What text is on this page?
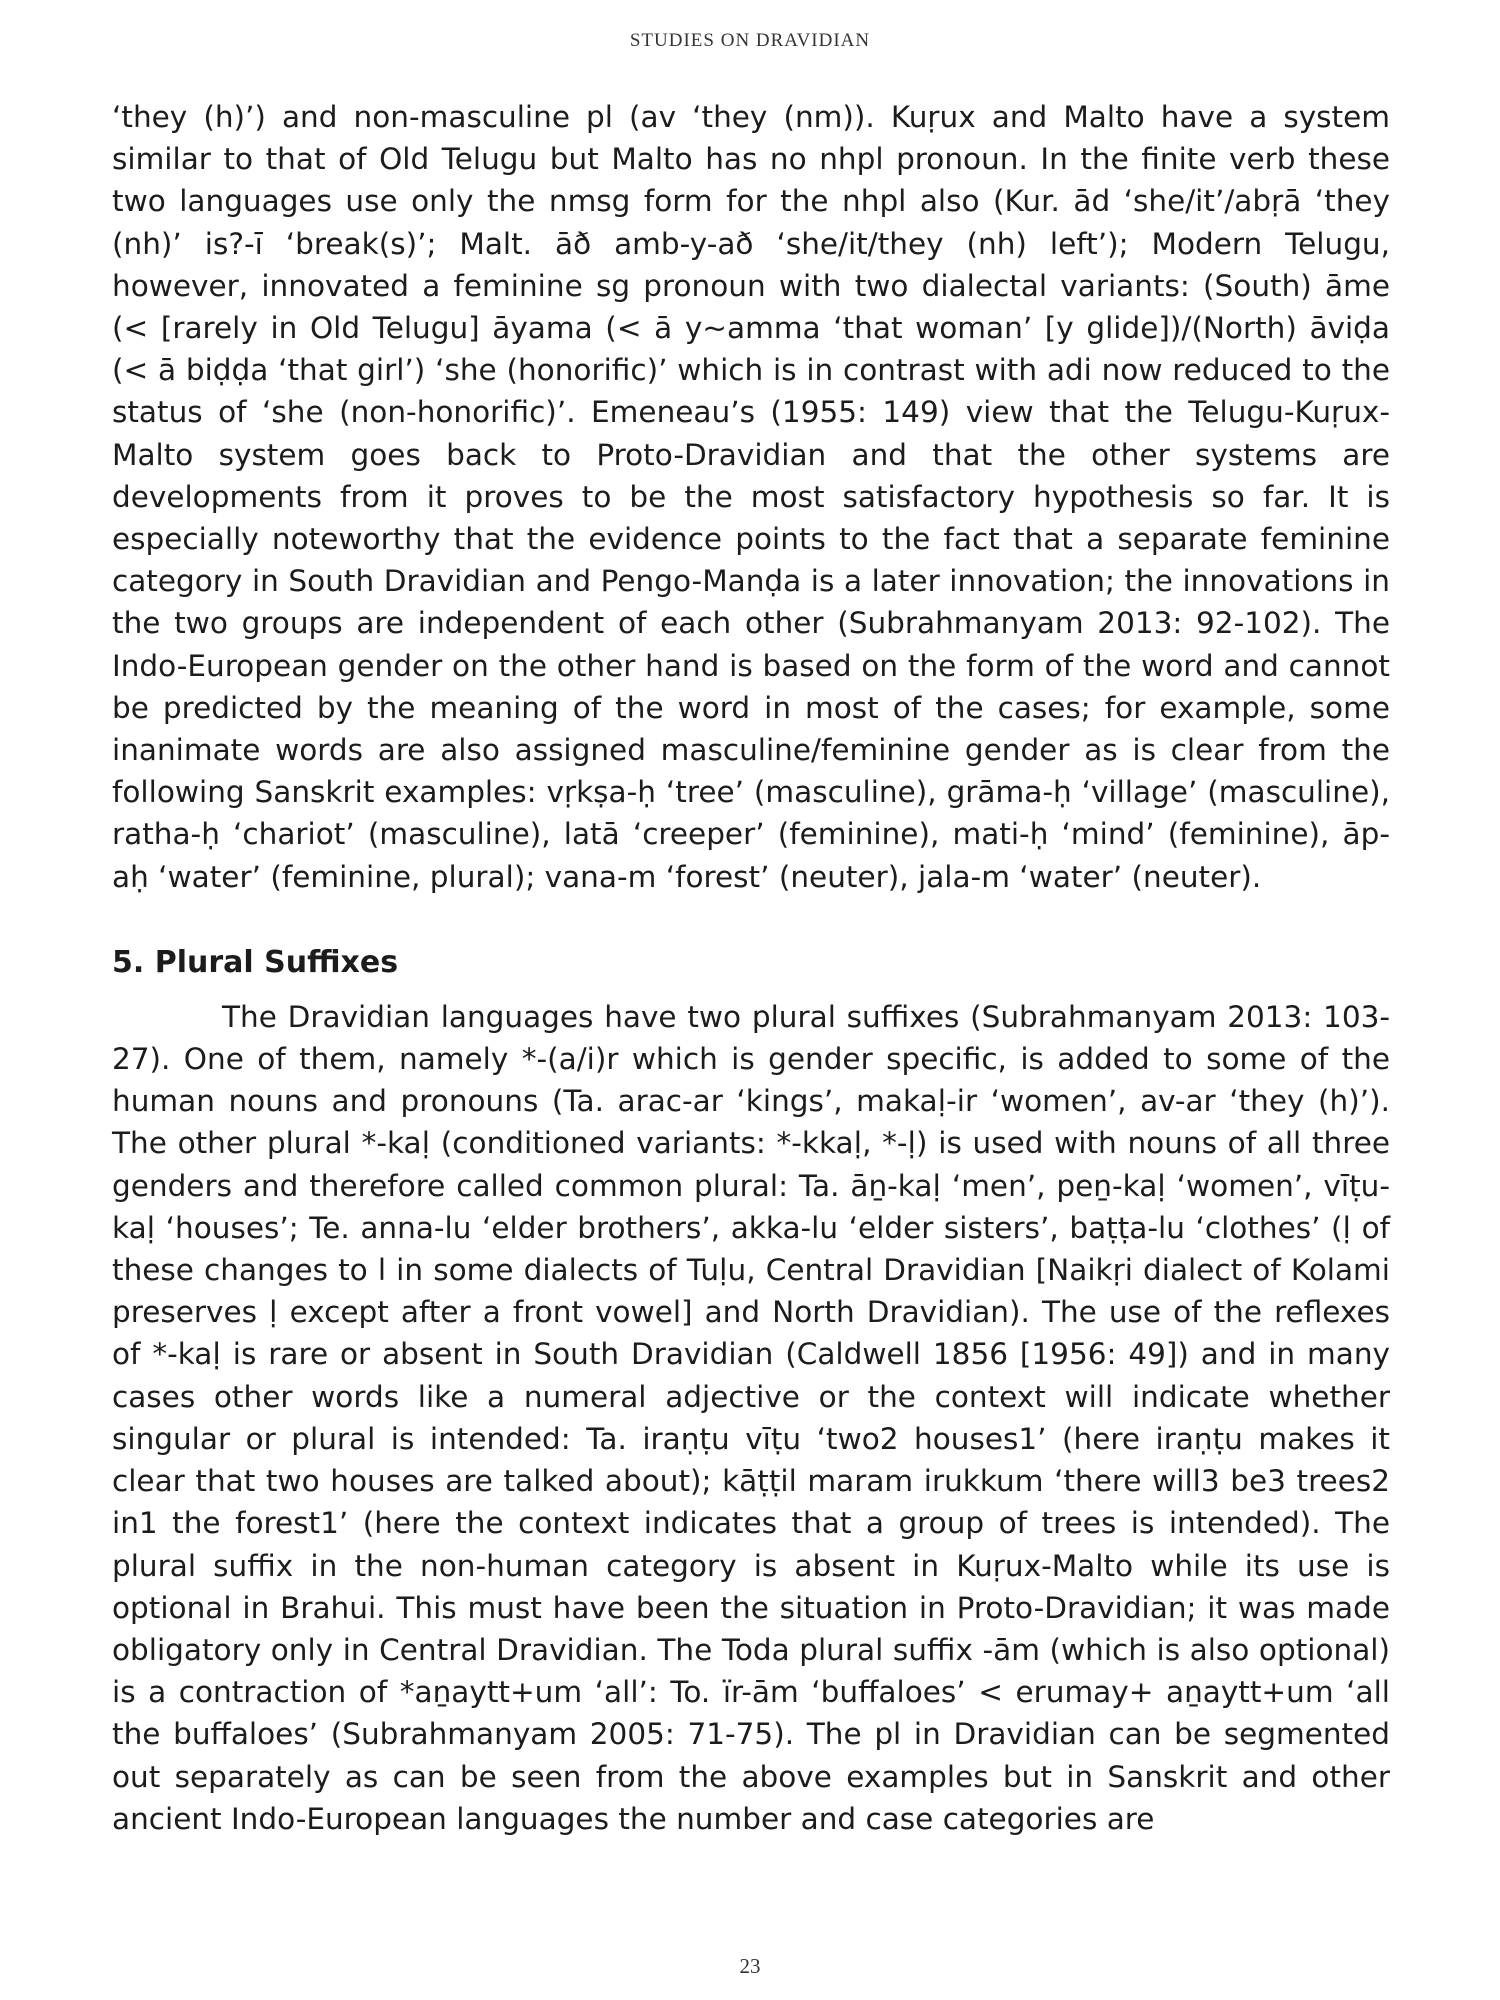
STUDIES ON DRAVIDIAN

‘they (h)’) and non-masculine pl (av ‘they (nm)). Kuṛux and Malto have a system similar to that of Old Telugu but Malto has no nhpl pronoun. In the finite verb these two languages use only the nmsg form for the nhpl also (Kur. ād ‘she/it’/abṛā ‘they (nh)’ is?-ī ‘break(s)’; Malt. āð amb-y-að ‘she/it/they (nh) left’); Modern Telugu, however, innovated a feminine sg pronoun with two dialectal variants: (South) āme (< [rarely in Old Telugu] āyama (< ā y~amma ‘that woman’ [y glide])/(North) āviḍa (< ā biḍḍa ‘that girl’) ‘she (honorific)’ which is in contrast with adi now reduced to the status of ‘she (non-honorific)’. Emeneau’s (1955: 149) view that the Telugu-Kuṛux-Malto system goes back to Proto-Dravidian and that the other systems are developments from it proves to be the most satisfactory hypothesis so far. It is especially noteworthy that the evidence points to the fact that a separate feminine category in South Dravidian and Pengo-Manḍa is a later innovation; the innovations in the two groups are independent of each other (Subrahmanyam 2013: 92-102). The Indo-European gender on the other hand is based on the form of the word and cannot be predicted by the meaning of the word in most of the cases; for example, some inanimate words are also assigned masculine/feminine gender as is clear from the following Sanskrit examples: vṛkṣa-ḥ ‘tree’ (masculine), grāma-ḥ ‘village’ (masculine), ratha-ḥ ‘chariot’ (masculine), latā ‘creeper’ (feminine), mati-ḥ ‘mind’ (feminine), āp-aḥ ‘water’ (feminine, plural); vana-m ‘forest’ (neuter), jala-m ‘water’ (neuter).

5. Plural Suffixes

The Dravidian languages have two plural suffixes (Subrahmanyam 2013: 103-27). One of them, namely *-(a/i)r which is gender specific, is added to some of the human nouns and pronouns (Ta. arac-ar ‘kings’, makaḷ-ir ‘women’, av-ar ‘they (h)’). The other plural *-kaḷ (conditioned variants: *-kkaḷ, *-ḷ) is used with nouns of all three genders and therefore called common plural: Ta. āṉ-kaḷ ‘men’, peṉ-kaḷ ‘women’, vīṭu-kaḷ ‘houses’; Te. anna-lu ‘elder brothers’, akka-lu ‘elder sisters’, baṭṭa-lu ‘clothes’ (ḷ of these changes to l in some dialects of Tuḷu, Central Dravidian [Naikṛi dialect of Kolami preserves ḷ except after a front vowel] and North Dravidian). The use of the reflexes of *-kaḷ is rare or absent in South Dravidian (Caldwell 1856 [1956: 49]) and in many cases other words like a numeral adjective or the context will indicate whether singular or plural is intended: Ta. iraṇṭu vīṭu ‘two2 houses1’ (here iraṇṭu makes it clear that two houses are talked about); kāṭṭil maram irukkum ‘there will3 be3 trees2 in1 the forest1’ (here the context indicates that a group of trees is intended). The plural suffix in the non-human category is absent in Kuṛux-Malto while its use is optional in Brahui. This must have been the situation in Proto-Dravidian; it was made obligatory only in Central Dravidian. The Toda plural suffix -ām (which is also optional) is a contraction of *aṉaytt+um ‘all’: To. ïr-ām ‘buffaloes’ < erumay+ aṉaytt+um ‘all the buffaloes’ (Subrahmanyam 2005: 71-75). The pl in Dravidian can be segmented out separately as can be seen from the above examples but in Sanskrit and other ancient Indo-European languages the number and case categories are

23
